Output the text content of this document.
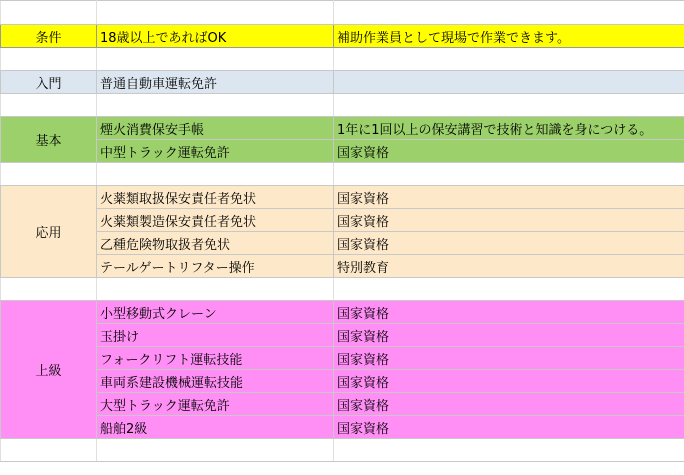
条件	18歳以上であればOK	補助作業員として現場で作業できます。

入門	普通自動車運転免許	

基本	煙火消費保安手帳	1年に1回以上の保安講習で技術と知識を身につける。
	中型トラック運転免許	国家資格

応用	火薬類取扱保安責任者免状	国家資格
	火薬類製造保安責任者免状	国家資格
	乙種危険物取扱者免状	国家資格
	テールゲートリフター操作	特別教育

上級	小型移動式クレーン	国家資格
	玉掛け	国家資格
	フォークリフト運転技能	国家資格
	車両系建設機械運転技能	国家資格
	大型トラック運転免許	国家資格
	船舶2級	国家資格
